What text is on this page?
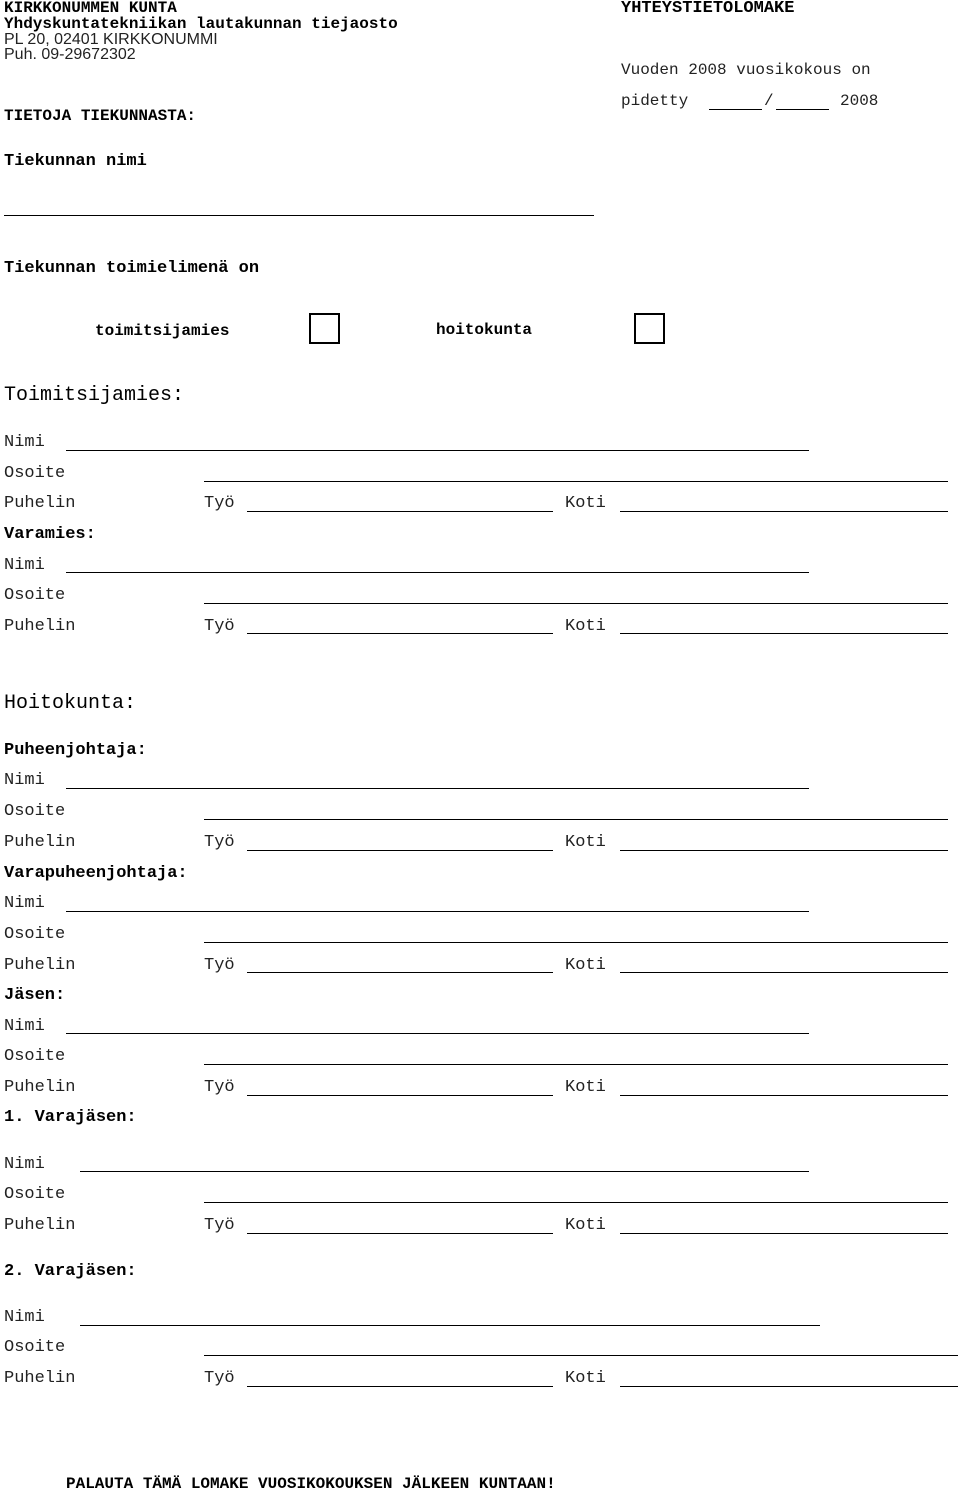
KIRKKONUMMEN KUNTA
Yhdyskuntatekniikan lautakunnan tiejaosto
PL 20, 02401 KIRKKONUMMI
Puh. 09-29672302
YHTEYSTIETOLOMAKE
Vuoden 2008 vuosikokous on
pidetty	/	2008
TIETOJA TIEKUNNASTA:
Tiekunnan nimi
Tiekunnan toimielimenä on
toimitsijamies	hoitokunta
Toimitsijamies:
Nimi
Osoite
Puhelin	Työ	Koti
Varamies:
Nimi
Osoite
Puhelin	Työ	Koti
Hoitokunta:
Puheenjohtaja:
Nimi
Osoite
Puhelin	Työ	Koti
Varapuheenjohtaja:
Nimi
Osoite
Puhelin	Työ	Koti
Jäsen:
Nimi
Osoite
Puhelin	Työ	Koti
1. Varajäsen:
Nimi
Osoite
Puhelin	Työ	Koti
2. Varajäsen:
Nimi
Osoite
Puhelin	Työ	Koti
PALAUTA TÄMÄ LOMAKE VUOSIKOKOUKSEN JÄLKEEN KUNTAAN!
